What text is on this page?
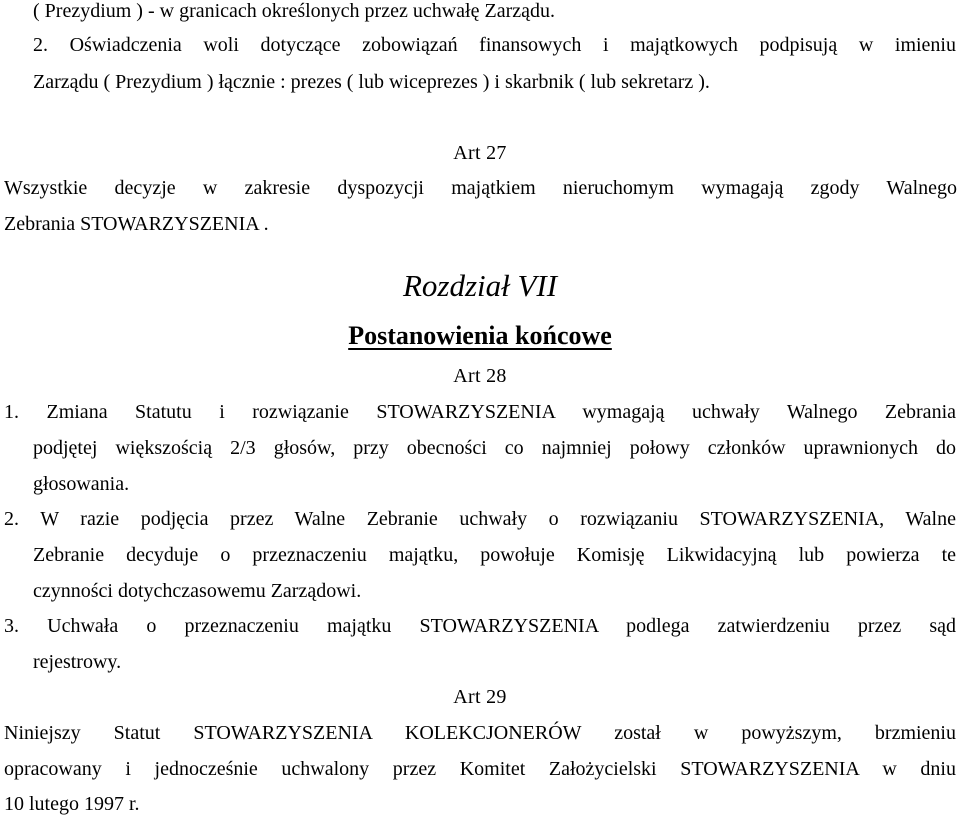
( Prezydium ) - w granicach określonych przez uchwałę Zarządu.
2. Oświadczenia woli dotyczące zobowiązań finansowych i majątkowych podpisują w imieniu
Zarządu ( Prezydium ) łącznie : prezes ( lub wiceprezes ) i skarbnik ( lub sekretarz ).
Art 27
Wszystkie decyzje w zakresie dyspozycji majątkiem nieruchomym wymagają zgody Walnego
Zebrania STOWARZYSZENIA .
Rozdział VII
Postanowienia końcowe
Art 28
1. Zmiana Statutu i rozwiązanie STOWARZYSZENIA wymagają uchwały Walnego Zebrania
podjętej większością 2/3 głosów, przy obecności co najmniej połowy członków uprawnionych do
głosowania.
2. W razie podjęcia przez Walne Zebranie uchwały o rozwiązaniu STOWARZYSZENIA, Walne
Zebranie decyduje o przeznaczeniu majątku, powołuje Komisję Likwidacyjną lub powierza te
czynności dotychczasowemu Zarządowi.
3. Uchwała o przeznaczeniu majątku STOWARZYSZENIA podlega zatwierdzeniu przez sąd
rejestrowy.
Art 29
Niniejszy Statut STOWARZYSZENIA KOLEKCJONERÓW został w powyższym, brzmieniu
opracowany i jednocześnie uchwalony przez Komitet Założycielski STOWARZYSZENIA w dniu
10 lutego 1997 r.
